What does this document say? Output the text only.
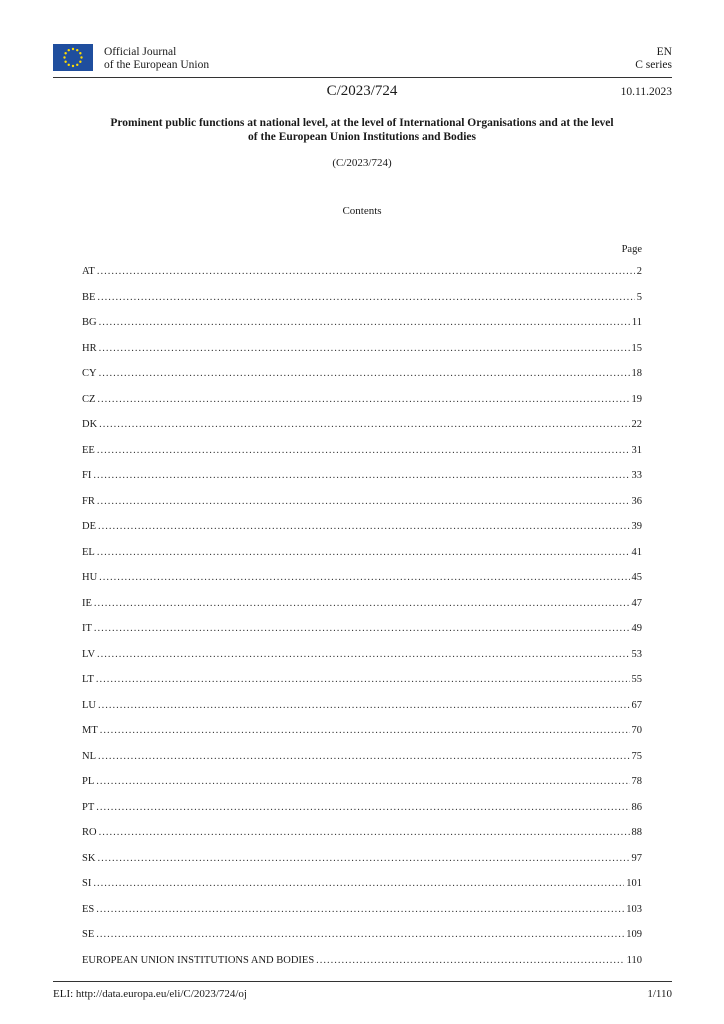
Official Journal
of the European Union
EN
C series
C/2023/724	10.11.2023
Prominent public functions at national level, at the level of International Organisations and at the level of the European Union Institutions and Bodies
(C/2023/724)
Contents
Page
AT .....	2
BE .....	5
BG .....	11
HR .....	15
CY .....	18
CZ .....	19
DK .....	22
EE .....	31
FI .....	33
FR .....	36
DE .....	39
EL .....	41
HU .....	45
IE .....	47
IT .....	49
LV .....	53
LT .....	55
LU .....	67
MT .....	70
NL .....	75
PL .....	78
PT .....	86
RO .....	88
SK .....	97
SI .....	101
ES .....	103
SE .....	109
EUROPEAN UNION INSTITUTIONS AND BODIES .....	110
ELI: http://data.europa.eu/eli/C/2023/724/oj	1/110
